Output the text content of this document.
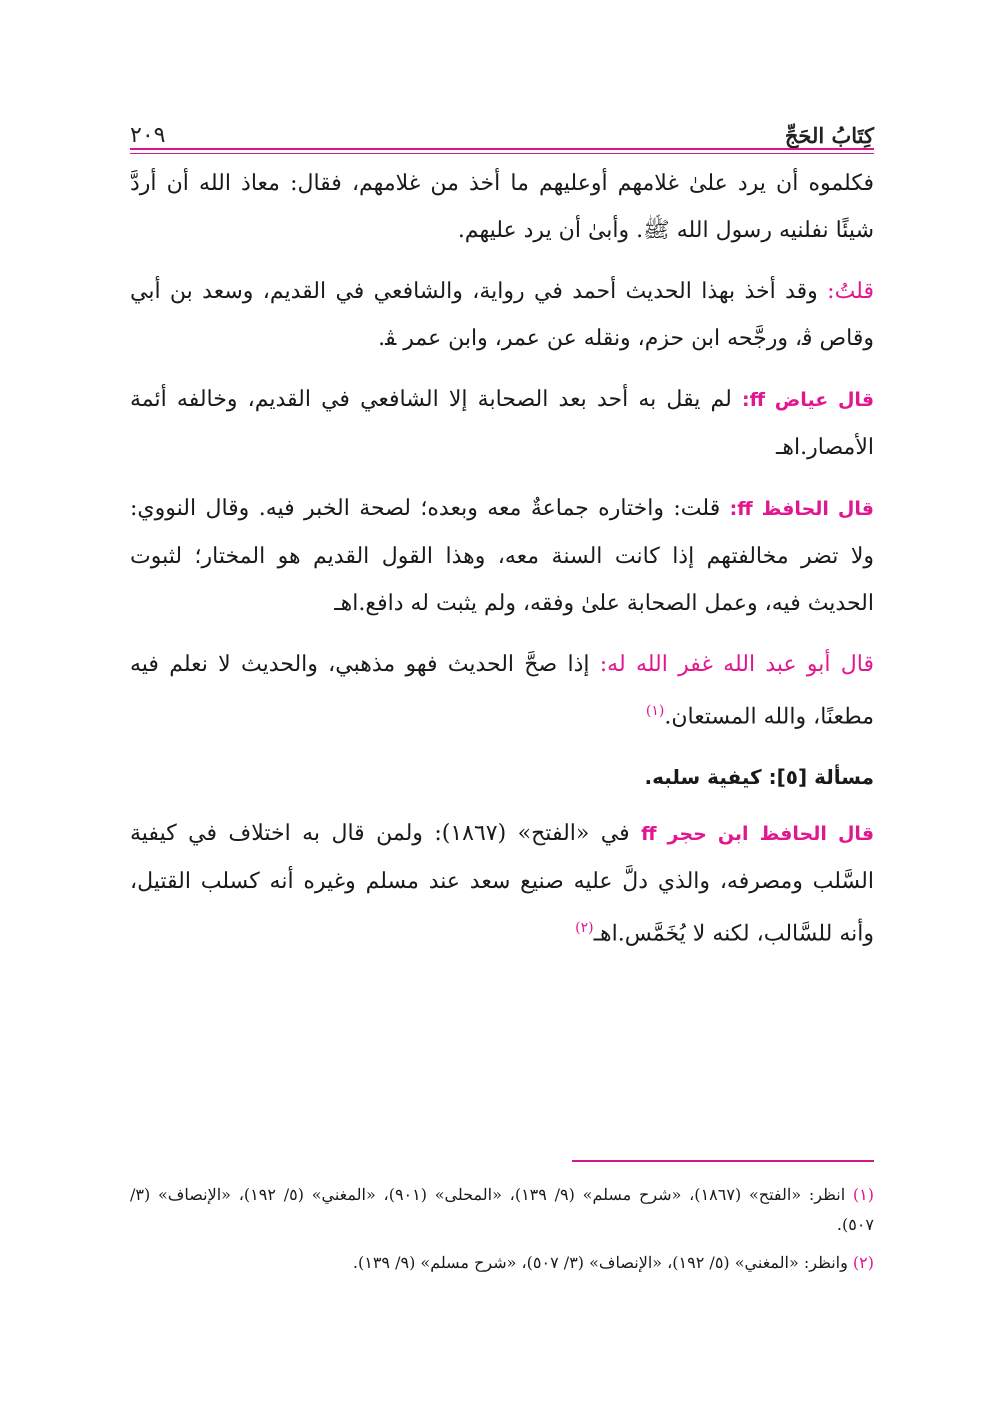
كِتَابُ الحَجِّ
٢٠٩

فكلموه أن يرد علىٰ غلامهم أوعليهم ما أخذ من غلامهم، فقال: معاذ الله أن أردَّ شيئًا نفلنيه رسول الله ﷺ. وأبىٰ أن يرد عليهم.

قلتُ: وقد أخذ بهذا الحديث أحمد في رواية، والشافعي في القديم، وسعد بن أبي وقاص ﭬ، ورجَّحه ابن حزم، ونقله عن عمر، وابن عمر ﭭ.

قال عياض ﬀ: لم يقل به أحد بعد الصحابة إلا الشافعي في القديم، وخالفه أئمة الأمصار.اهـ

قال الحافظ ﬀ: قلت: واختاره جماعةٌ معه وبعده؛ لصحة الخبر فيه. وقال النووي: ولا تضر مخالفتهم إذا كانت السنة معه، وهذا القول القديم هو المختار؛ لثبوت الحديث فيه، وعمل الصحابة علىٰ وفقه، ولم يثبت له دافع.اهـ

قال أبو عبد الله غفر الله له: إذا صحَّ الحديث فهو مذهبي، والحديث لا نعلم فيه مطعنًا، والله المستعان.$^{(١)}$

مسألة [٥]: كيفية سلبه.

قال الحافظ ابن حجر ﬀ في «الفتح» (١٨٦٧): ولمن قال به اختلاف في كيفية السَّلب ومصرفه، والذي دلَّ عليه صنيع سعد عند مسلم وغيره أنه كسلب القتيل، وأنه للسَّالب، لكنه لا يُخَمَّس.اهـ$^{(٢)}$

(١) انظر: «الفتح» (١٨٦٧)، «شرح مسلم» (٩/ ١٣٩)، «المحلى» (٩٠١)، «المغني» (٥/ ١٩٢)، «الإنصاف» (٣/ ٥٠٧).

(٢) وانظر: «المغني» (٥/ ١٩٢)، «الإنصاف» (٣/ ٥٠٧)، «شرح مسلم» (٩/ ١٣٩).
